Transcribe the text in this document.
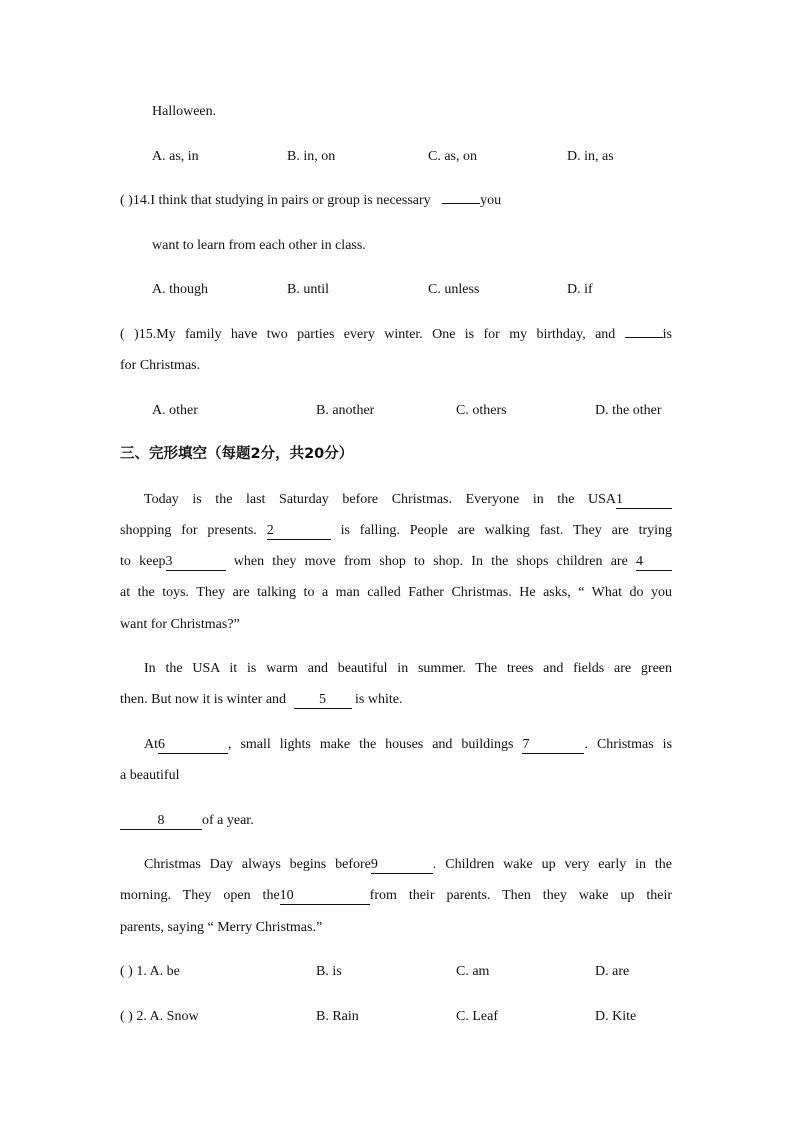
Halloween.
A. as, in	B. in, on	C. as, on	D. in, as
( )14.I think that studying in pairs or group is necessary	you
want to learn from each other in class.
A. though	B. until	C. unless	D. if
( )15.My family have two parties every winter. One is for my birthday, and	is
for Christmas.
A. other	B. another	C. others	D. the other
三、完形填空（每题2分，共20分）
Today is the last Saturday before Christmas. Everyone in the USA1
shopping for presents. 2	is falling. People are walking fast. They are trying
to keep3	when they move from shop to shop. In the shops children are 4
at the toys. They are talking to a man called Father Christmas. He asks, “ What do you
want for Christmas?”
In the USA it is warm and beautiful in summer. The trees and fields are green
then. But now it is winter and 5 is white.
At6	, small lights make the houses and buildings 7	. Christmas is
a beautiful
8	of a year.
Christmas Day always begins before9	. Children wake up very early in the
morning. They open the10	from their parents. Then they wake up their
parents, saying “ Merry Christmas.”
( ) 1. A. be	B. is	C. am	D. are
( ) 2. A. Snow	B. Rain	C. Leaf	D. Kite
